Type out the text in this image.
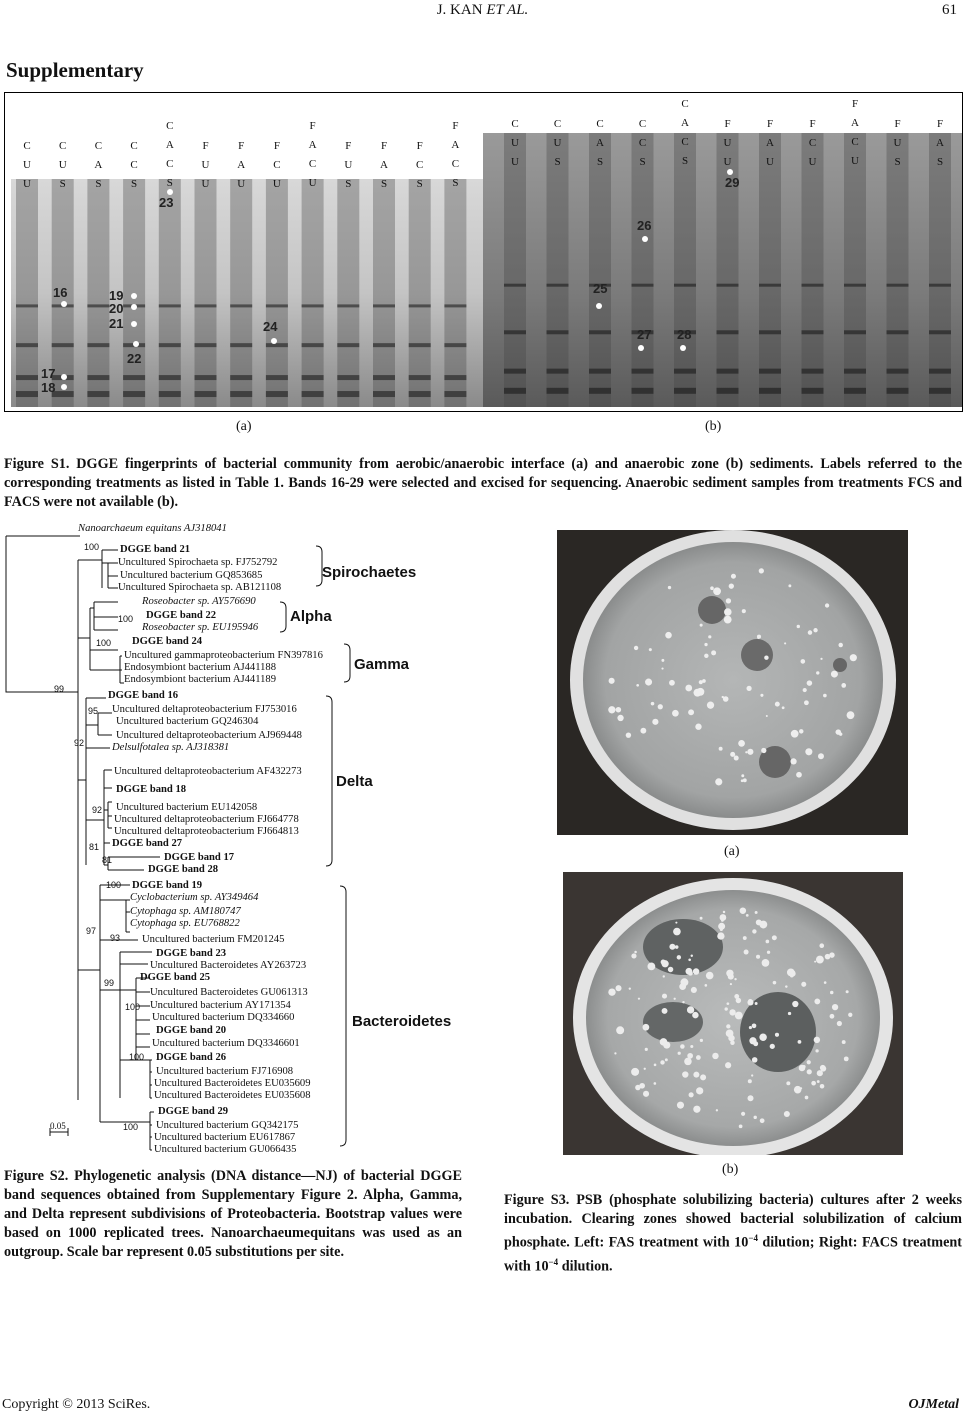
J. KAN ET AL.	61
Supplementary
C
U
U
C
U
S
C
A
S
C
C
S
C
A
C
S
F
U
U
F
A
U
F
C
U
F
A
C
U
F
U
S
F
A
S
F
C
S
F
A
C
S
C
U
U
C
U
S
C
A
S
C
C
S
C
A
C
S
F
U
U
F
A
U
F
C
U
F
A
C
U
F
U
S
F
A
S
16
17
18
19
20
21
22
23
24
25
26
27 28
29
(a)	(b)
Figure S1. DGGE fingerprints of bacterial community from aerobic/anaerobic interface (a) and anaerobic zone (b) sediments. Labels referred to the corresponding treatments as listed in Table 1. Bands 16-29 were selected and excised for sequencing. Anaerobic sediment samples from treatments FCS and FACS were not available (b).
Nanoarchaeum equitans AJ318041
DGGE band 21
Uncultured Spirochaeta sp. FJ752792
Uncultured bacterium GQ853685
Uncultured Spirochaeta sp. AB121108
Roseobacter sp. AY576690
DGGE band 22
Roseobacter sp. EU195946
DGGE band 24
Uncultured gammaproteobacterium FN397816
Endosymbiont bacterium AJ441188
Endosymbiont bacterium AJ441189
DGGE band 16
Uncultured deltaproteobacterium FJ753016
Uncultured bacterium GQ246304
Uncultured deltaproteobacterium AJ969448
Delsulfotalea sp. AJ318381
Uncultured deltaproteobacterium AF432273
DGGE band 18
Uncultured bacterium EU142058
Uncultured deltaproteobacterium FJ664778
Uncultured deltaproteobacterium FJ664813
DGGE band 27
DGGE band 17
DGGE band 28
DGGE band 19
Cyclobacterium sp. AY349464
Cytophaga sp. AM180747
Cytophaga sp. EU768822
Uncultured bacterium FM201245
DGGE band 23
Uncultured Bacteroidetes AY263723
DGGE band 25
Uncultured Bacteroidetes GU061313
Uncultured bacterium AY171354
Uncultured bacterium DQ334660
DGGE band 20
Uncultured bacterium DQ3346601
DGGE band 26
Uncultured bacterium FJ716908
Uncultured Bacteroidetes EU035609
Uncultured Bacteroidetes EU035608
DGGE band 29
Uncultured bacterium GQ342175
Uncultured bacterium EU617867
Uncultured bacterium GU066435
100
100
100
99
95
92
92
81
81
100
97
93
100
99
100
100
Spirochaetes
Alpha
Gamma
Delta
Bacteroidetes
0.05
Figure S2. Phylogenetic analysis (DNA distance—NJ) of bacterial DGGE band sequences obtained from Supplementary Figure 2. Alpha, Gamma, and Delta represent subdivisions of Proteobacteria. Bootstrap values were based on 1000 replicated trees. Nanoarchaeumequitans was used as an outgroup. Scale bar represent 0.05 substitutions per site.
(a)
(b)
Figure S3. PSB (phosphate solubilizing bacteria) cultures after 2 weeks incubation. Clearing zones showed bacterial solubilization of calcium phosphate. Left: FAS treatment with $10^{-4}$ dilution; Right: FACS treatment with $10^{-4}$ dilution.
Copyright © 2013 SciRes.	OJMetal
